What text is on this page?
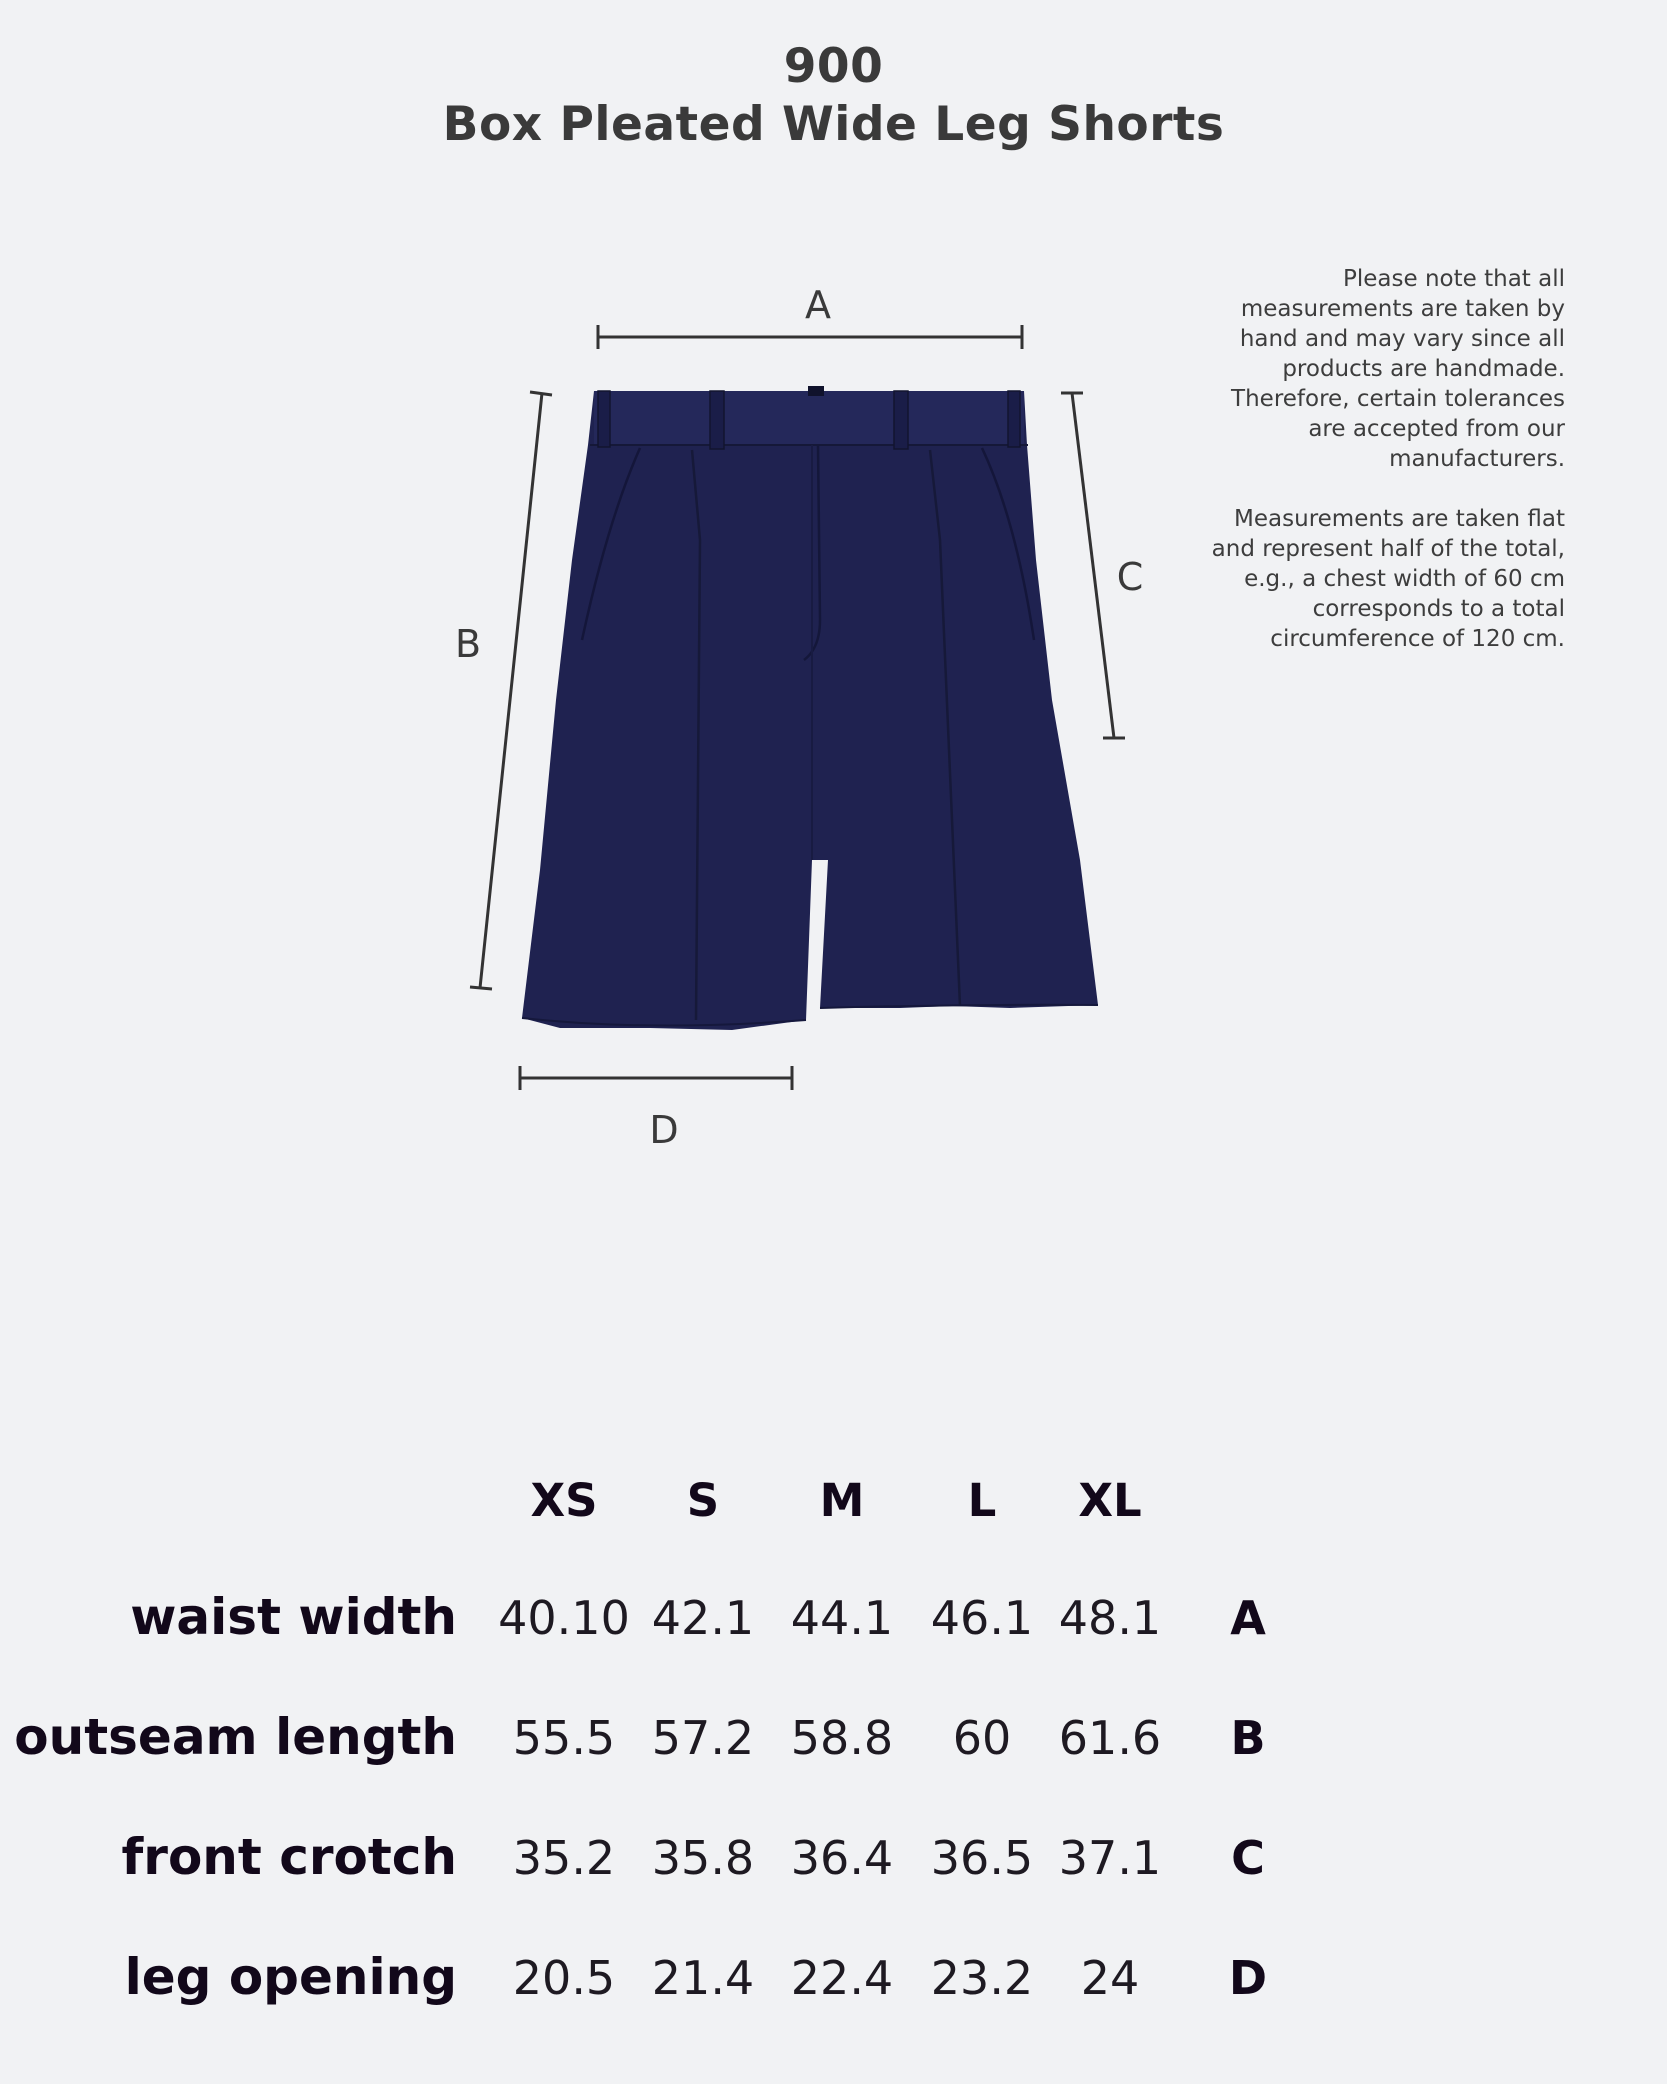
900
Box Pleated Wide Leg Shorts

Please note that all measurements are taken by hand and may vary since all products are handmade. Therefore, certain tolerances are accepted from our manufacturers.

Measurements are taken flat and represent half of the total, e.g., a chest width of 60 cm corresponds to a total circumference of 120 cm.

A
B
C
D
XS	S	M	L	XL
waist width 40.10 42.1 44.1 46.1 48.1	A
outseam length	55.5 57.2 58.8	60	61.6	B
front crotch	35.2 35.8 36.4 36.5 37.1	C
leg opening	20.5 21.4 22.4 23.2	24	D
